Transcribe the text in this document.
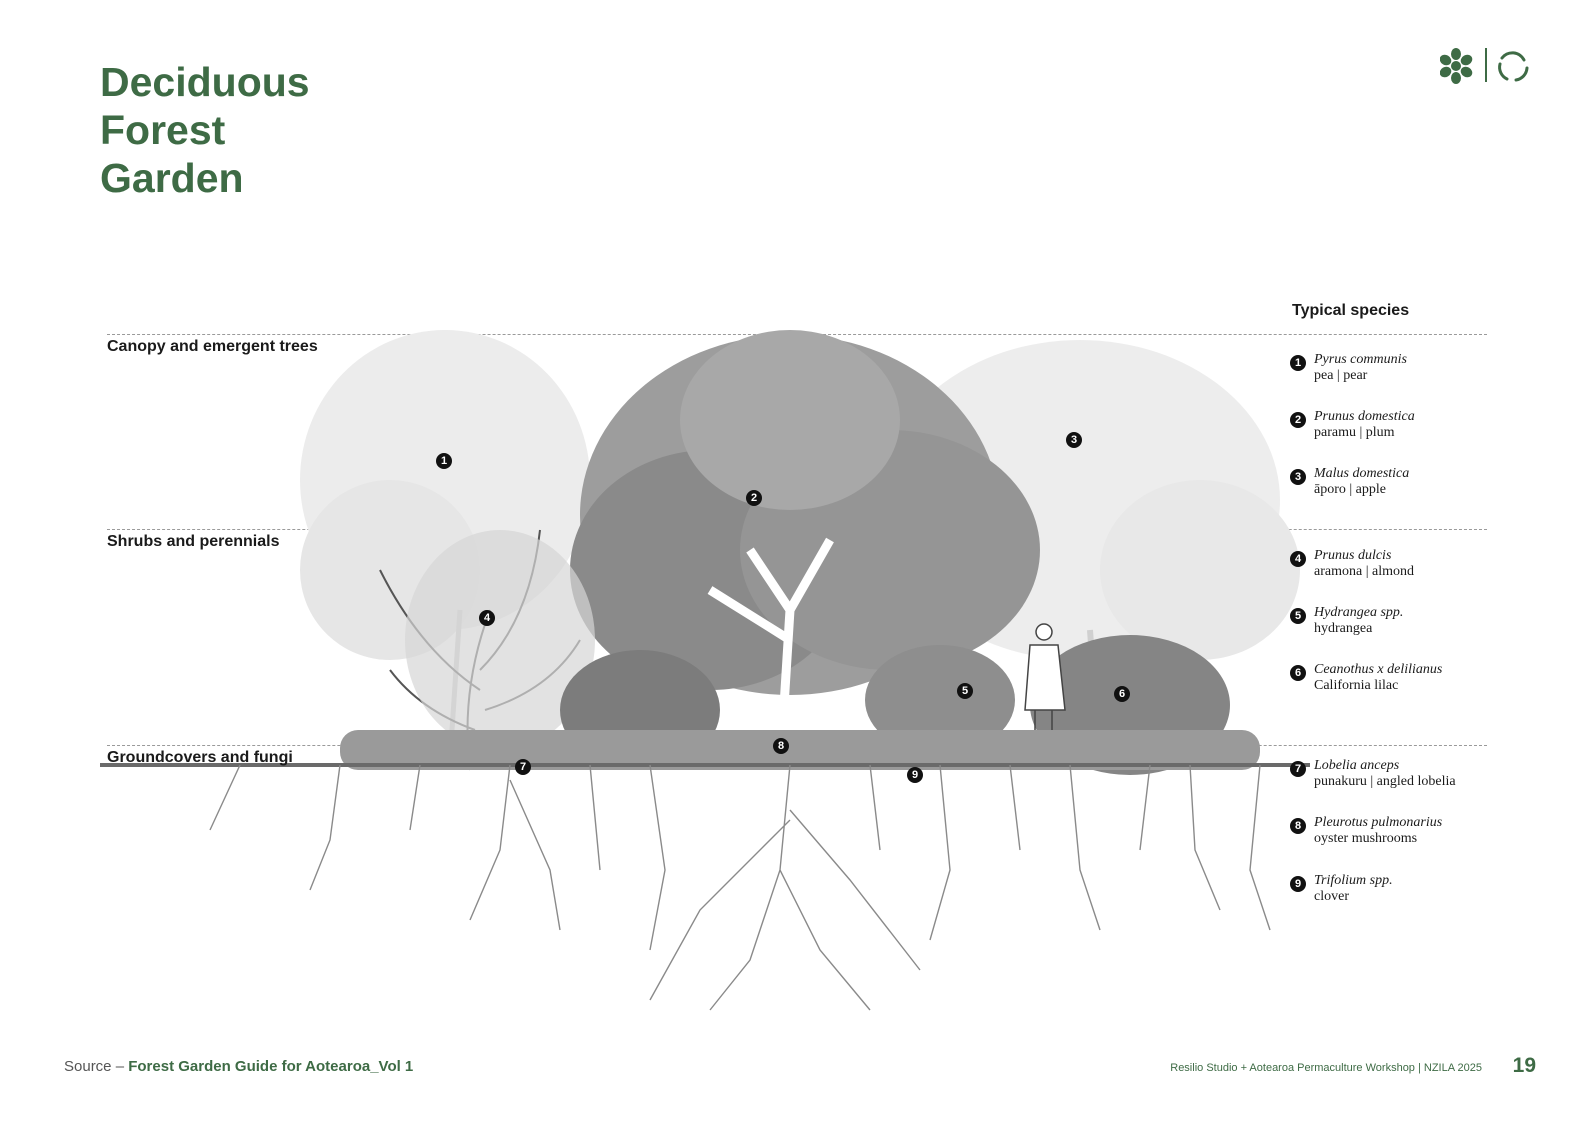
Deciduous
Forest
Garden
Typical species
Canopy and emergent trees
Shrubs and perennials
Groundcovers and fungi
1
2
3
4
5	6
7
8
9
1 Pyrus communis
pea | pear
2 Prunus domestica
paramu | plum
3 Malus domestica
āporo | apple
4 Prunus dulcis
aramona | almond
5 Hydrangea spp.
hydrangea
6 Ceanothus x delilianus
California lilac
7 Lobelia anceps
punakuru | angled lobelia
8 Pleurotus pulmonarius
oyster mushrooms
9 Trifolium spp.
clover
Source – Forest Garden Guide for Aotearoa_Vol 1	Resilio Studio + Aotearoa Permaculture Workshop | NZILA 2025 19
